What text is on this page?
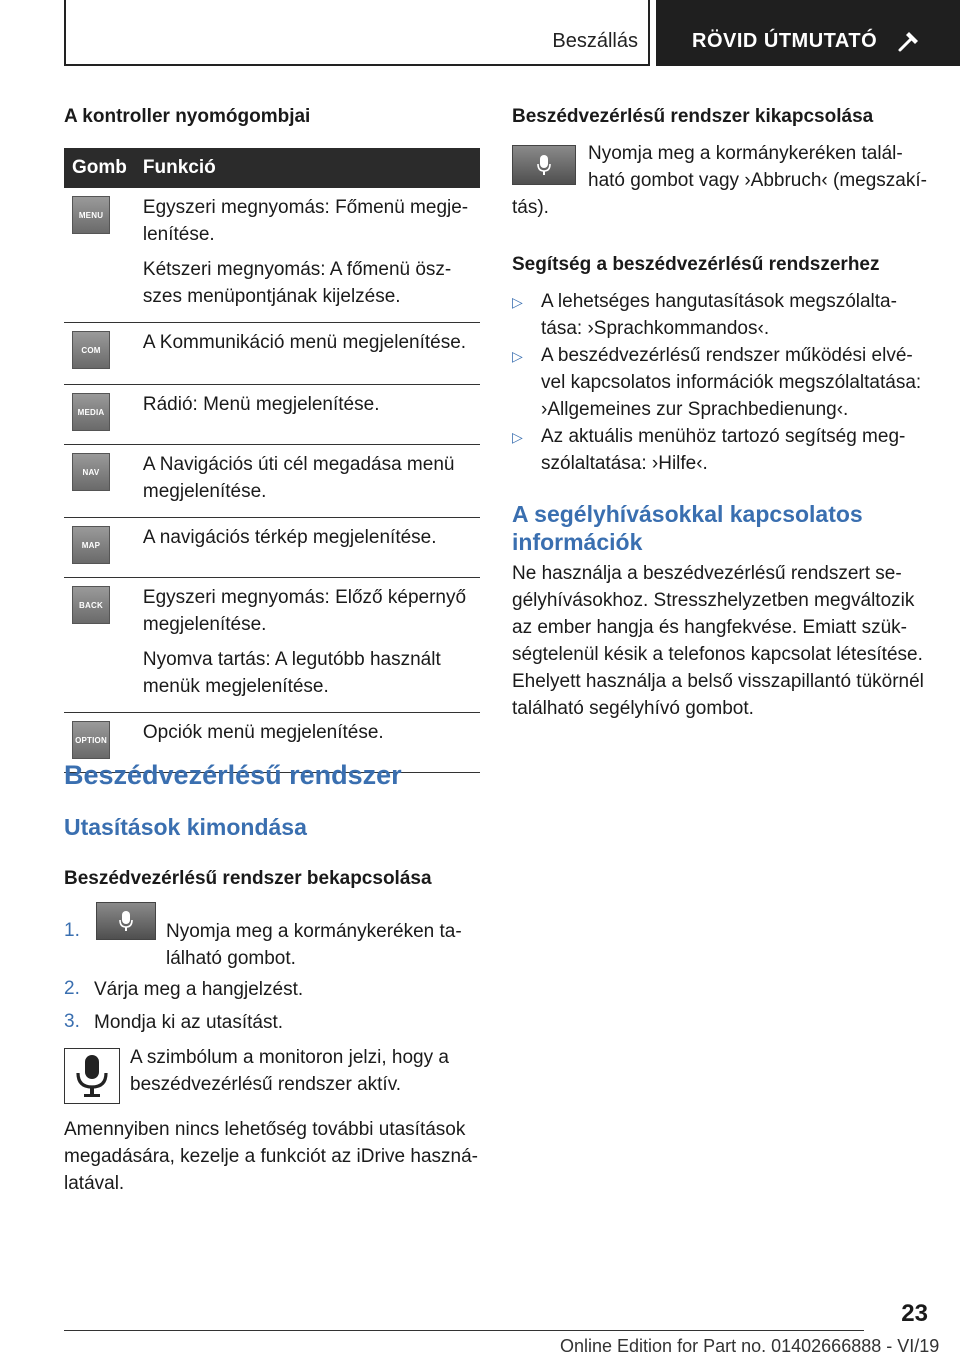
Beszállás	RÖVID ÚTMUTATÓ
A kontroller nyomógombjai
Gomb	Funkció

MENU	Egyszeri megnyomás: Főmenü megje-lenítése.

Kétszeri megnyomás: A főmenü ösz-szes menüpontjának kijelzése.

COM	A Kommunikáció menü megjelenítése.

MEDIA	Rádió: Menü megjelenítése.

NAV	A Navigációs úti cél megadása menü megjelenítése.

MAP	A navigációs térkép megjelenítése.

BACK	Egyszeri megnyomás: Előző képernyő megjelenítése.

Nyomva tartás: A legutóbb használt menük megjelenítése.

OPTION	Opciók menü megjelenítése.

Beszédvezérlésű rendszer
Utasítások kimondása
Beszédvezérlésű rendszer bekapcsolása
1.	Nyomja meg a kormánykeréken ta-lálható gombot.
2. Várja meg a hangjelzést.
3. Mondja ki az utasítást.
A szimbólum a monitoron jelzi, hogy a beszédvezérlésű rendszer aktív.
Amennyiben nincs lehetőség további utasítások megadására, kezelje a funkciót az iDrive haszná-latával.
Beszédvezérlésű rendszer kikapcsolása
Nyomja meg a kormánykeréken talál-ható gombot vagy ›Abbruch‹ (megszakí-
tás).
Segítség a beszédvezérlésű rendszerhez
▷ A lehetséges hangutasítások megszólalta-tása: ›Sprachkommandos‹.
▷ A beszédvezérlésű rendszer működési elvé-vel kapcsolatos információk megszólaltatása: ›Allgemeines zur Sprachbedienung‹.
▷ Az aktuális menühöz tartozó segítség meg-szólaltatása: ›Hilfe‹.
A segélyhívásokkal kapcsolatos
információk
Ne használja a beszédvezérlésű rendszert se-gélyhívásokhoz. Stresszhelyzetben megváltozik az ember hangja és hangfekvése. Emiatt szük-ségtelenül késik a telefonos kapcsolat létesítése.
Ehelyett használja a belső visszapillantó tükörnél található segélyhívó gombot.
23
Online Edition for Part no. 01402666888 - VI/19
